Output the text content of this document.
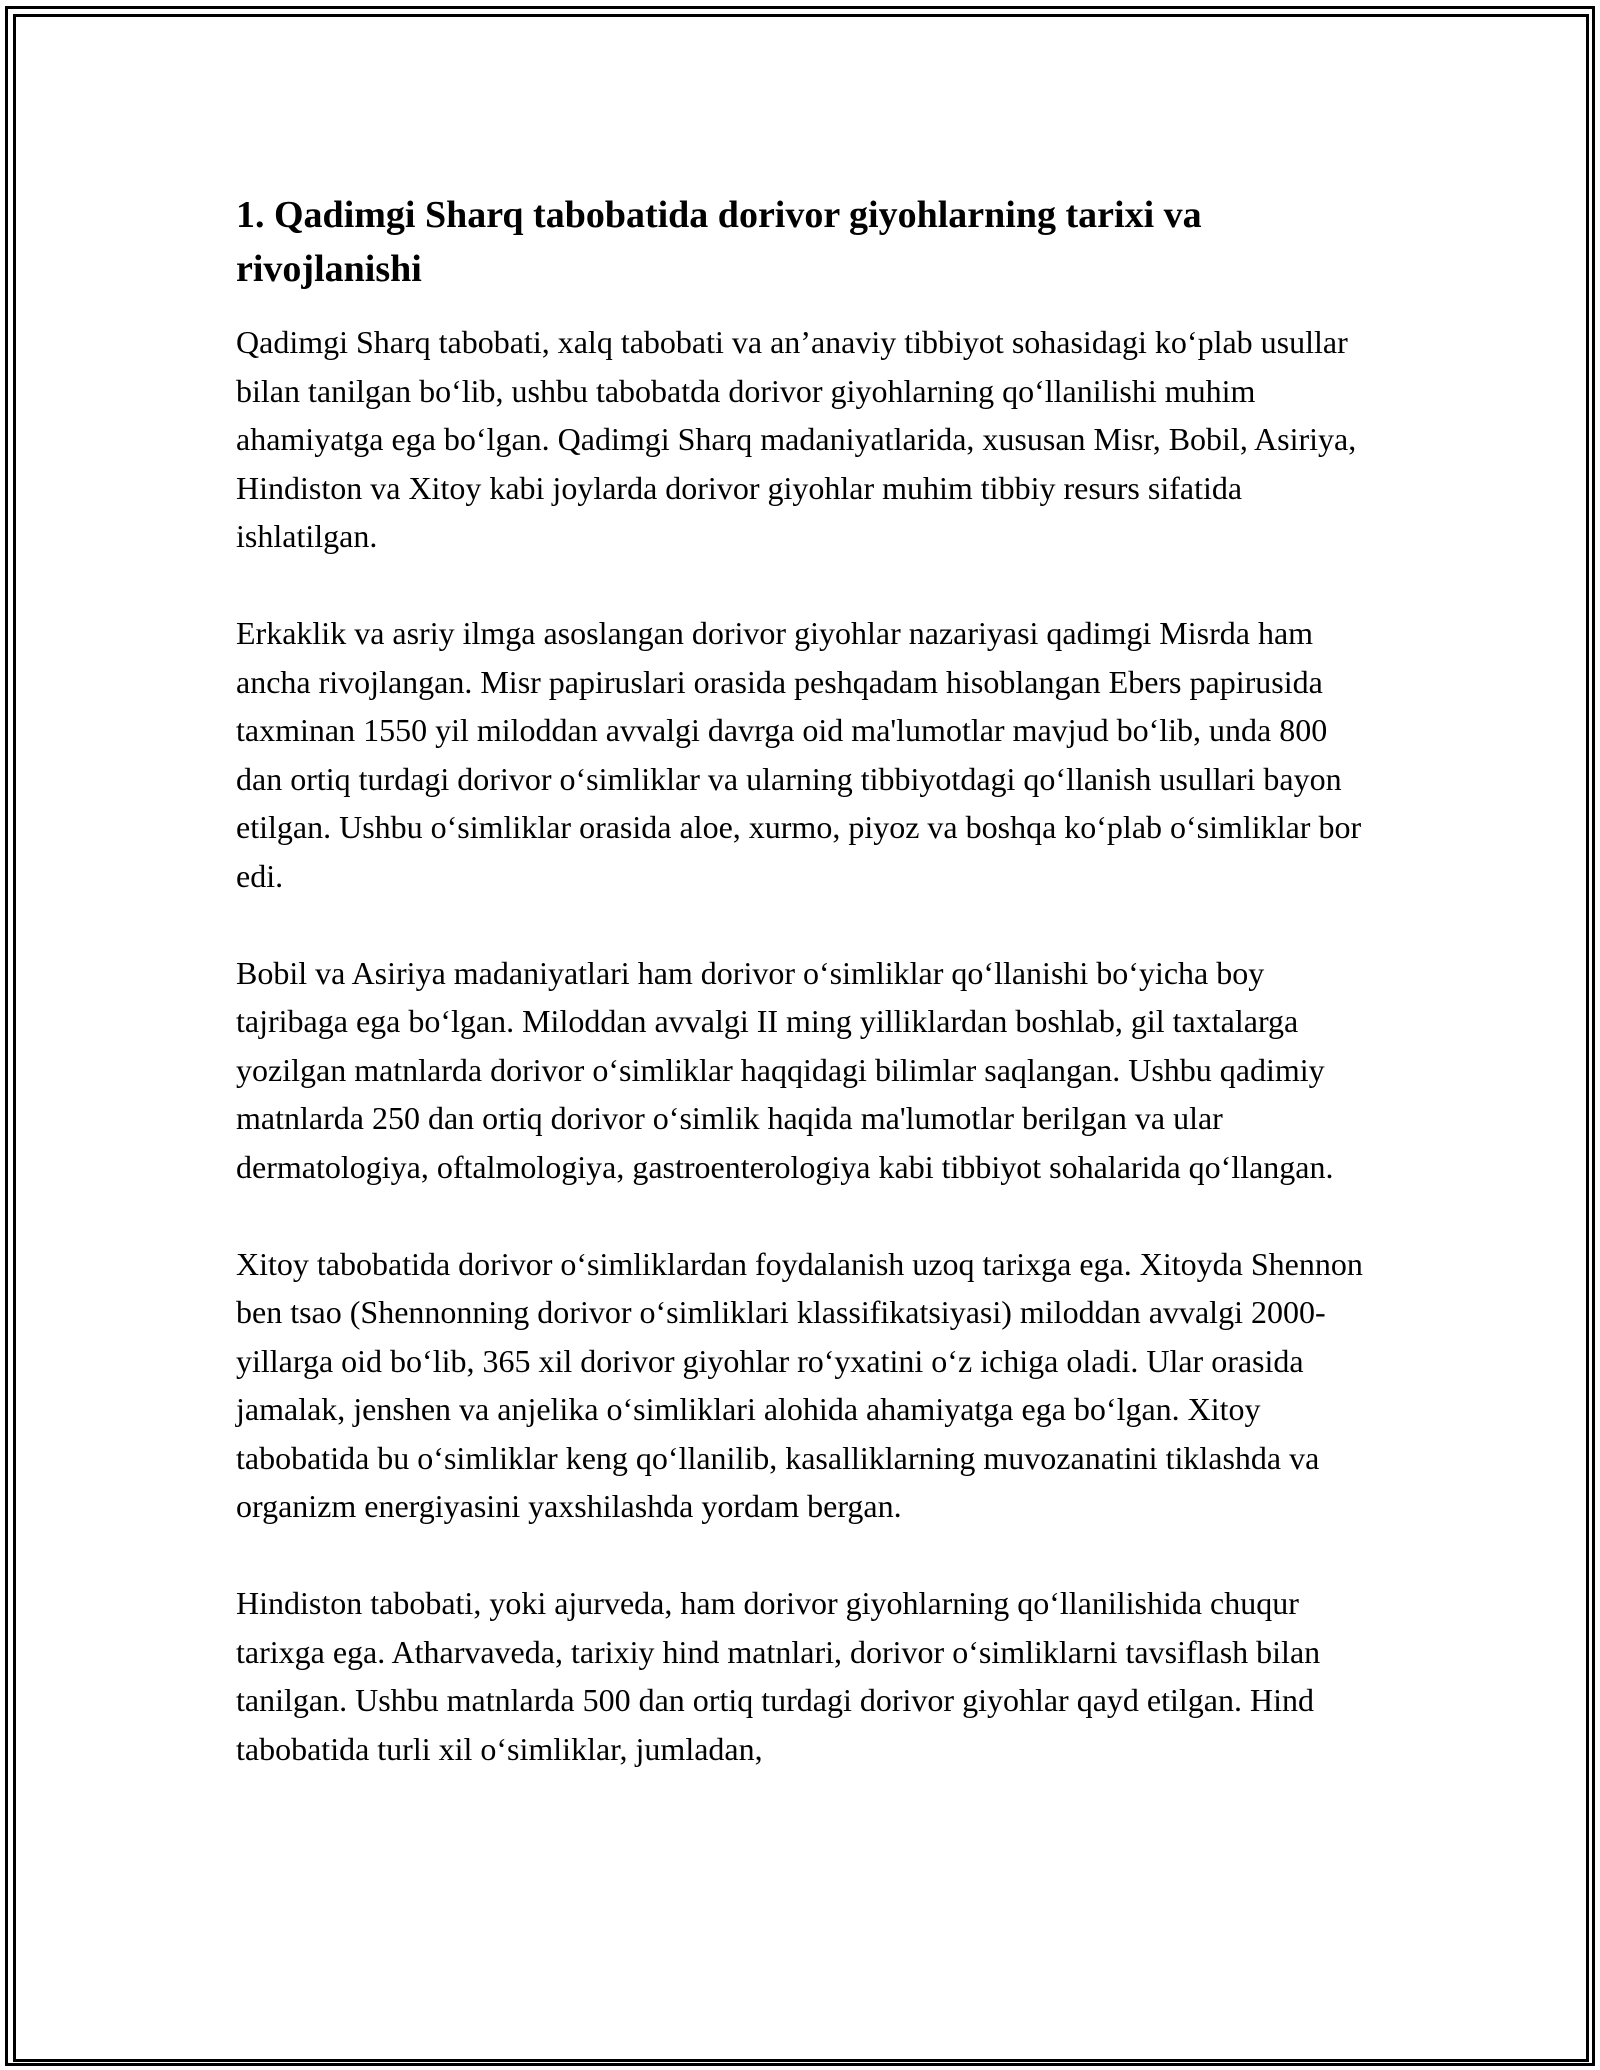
1. Qadimgi Sharq tabobatida dorivor giyohlarning tarixi va rivojlanishi

Qadimgi Sharq tabobati, xalq tabobati va an’anaviy tibbiyot sohasidagi ko‘plab usullar bilan tanilgan bo‘lib, ushbu tabobatda dorivor giyohlarning qo‘llanilishi muhim ahamiyatga ega bo‘lgan. Qadimgi Sharq madaniyatlarida, xususan Misr, Bobil, Asiriya, Hindiston va Xitoy kabi joylarda dorivor giyohlar muhim tibbiy resurs sifatida ishlatilgan.

Erkaklik va asriy ilmga asoslangan dorivor giyohlar nazariyasi qadimgi Misrda ham ancha rivojlangan. Misr papiruslari orasida peshqadam hisoblangan Ebers papirusida taxminan 1550 yil miloddan avvalgi davrga oid ma'lumotlar mavjud bo‘lib, unda 800 dan ortiq turdagi dorivor o‘simliklar va ularning tibbiyotdagi qo‘llanish usullari bayon etilgan. Ushbu o‘simliklar orasida aloe, xurmo, piyoz va boshqa ko‘plab o‘simliklar bor edi.

Bobil va Asiriya madaniyatlari ham dorivor o‘simliklar qo‘llanishi bo‘yicha boy tajribaga ega bo‘lgan. Miloddan avvalgi II ming yilliklardan boshlab, gil taxtalarga yozilgan matnlarda dorivor o‘simliklar haqqidagi bilimlar saqlangan. Ushbu qadimiy matnlarda 250 dan ortiq dorivor o‘simlik haqida ma'lumotlar berilgan va ular dermatologiya, oftalmologiya, gastroenterologiya kabi tibbiyot sohalarida qo‘llangan.

Xitoy tabobatida dorivor o‘simliklardan foydalanish uzoq tarixga ega. Xitoyda Shennon ben tsao (Shennonning dorivor o‘simliklari klassifikatsiyasi) miloddan avvalgi 2000-yillarga oid bo‘lib, 365 xil dorivor giyohlar ro‘yxatini o‘z ichiga oladi. Ular orasida jamalak, jenshen va anjelika o‘simliklari alohida ahamiyatga ega bo‘lgan. Xitoy tabobatida bu o‘simliklar keng qo‘llanilib, kasalliklarning muvozanatini tiklashda va organizm energiyasini yaxshilashda yordam bergan.

Hindiston tabobati, yoki ajurveda, ham dorivor giyohlarning qo‘llanilishida chuqur tarixga ega. Atharvaveda, tarixiy hind matnlari, dorivor o‘simliklarni tavsiflash bilan tanilgan. Ushbu matnlarda 500 dan ortiq turdagi dorivor giyohlar qayd etilgan. Hind tabobatida turli xil o‘simliklar, jumladan,
